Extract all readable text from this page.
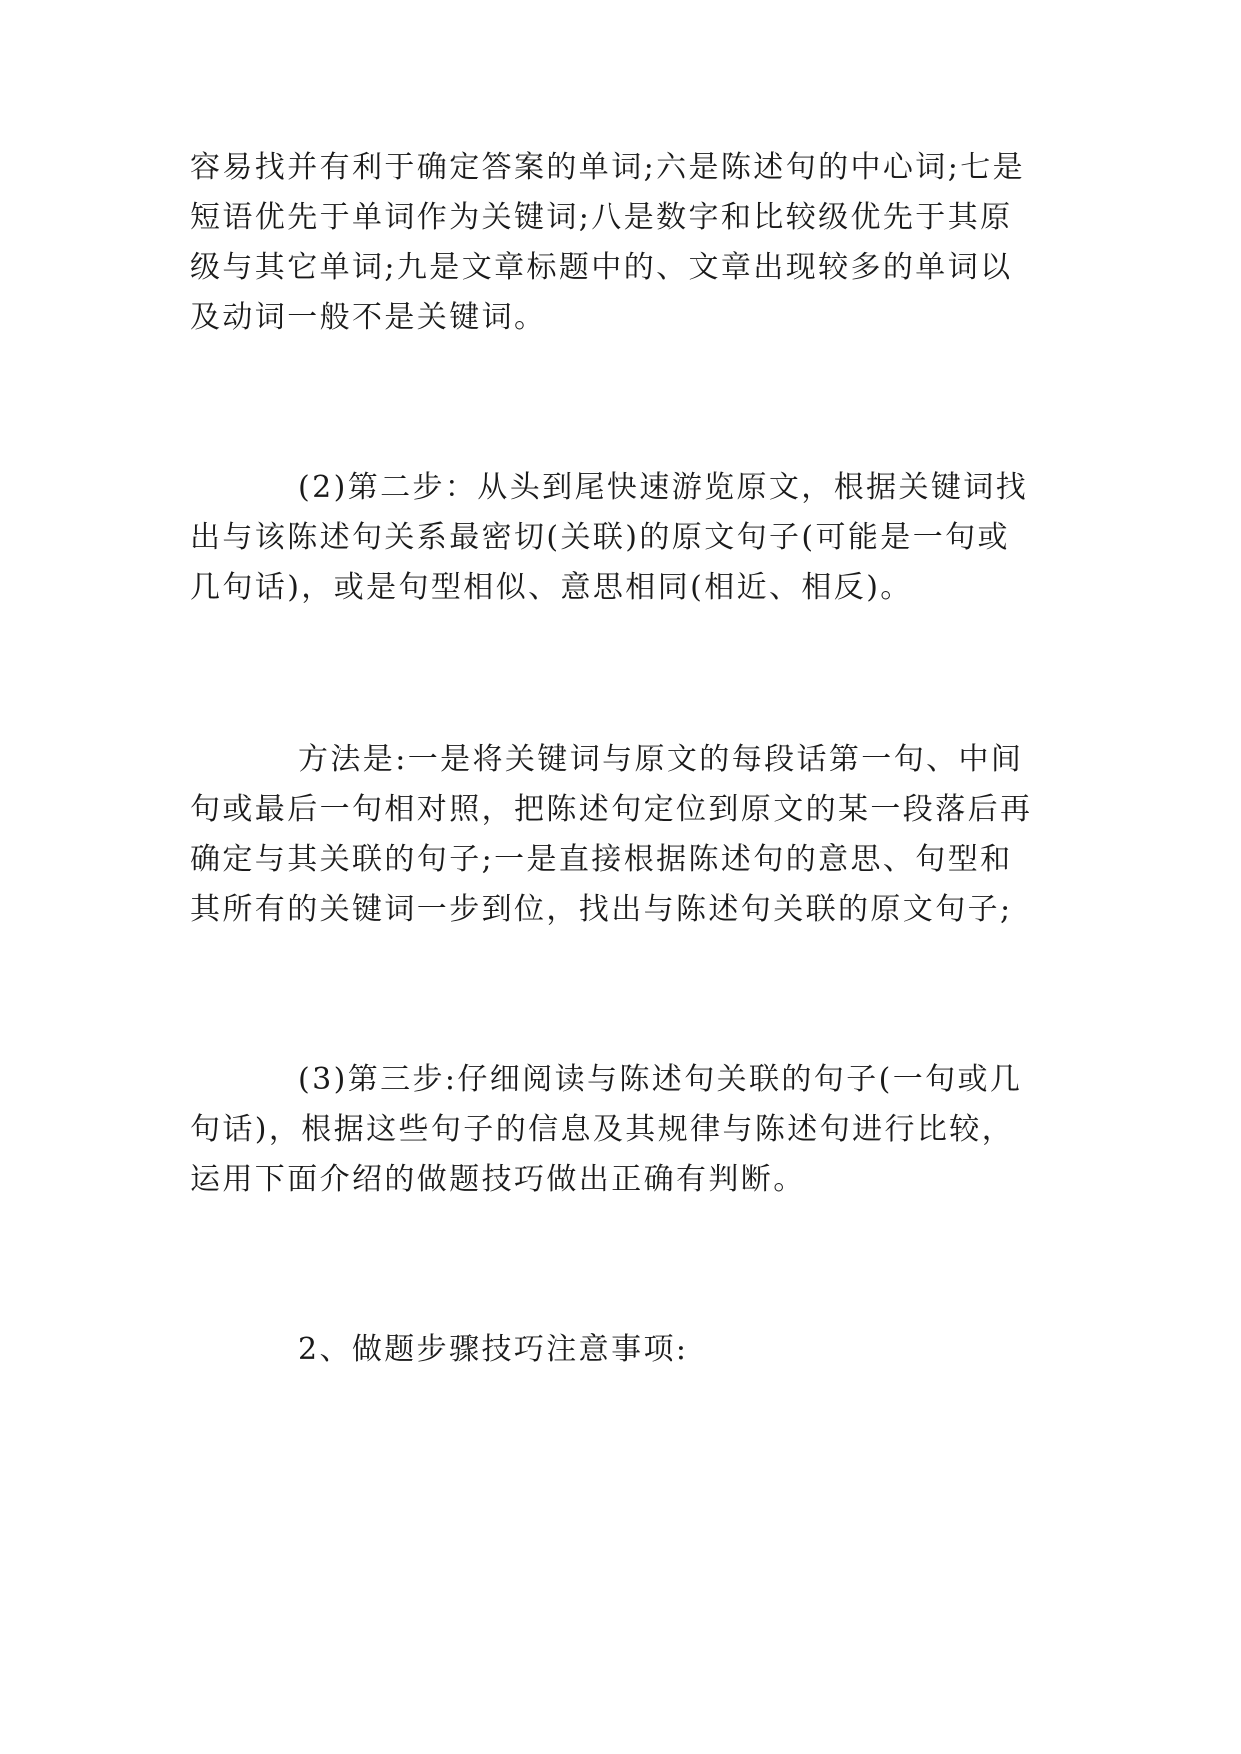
容易找并有利于确定答案的单词;六是陈述句的中心词;七是
短语优先于单词作为关键词;八是数字和比较级优先于其原
级与其它单词;九是文章标题中的、文章出现较多的单词以
及动词一般不是关键词。
(2)第二步：从头到尾快速游览原文，根据关键词找
出与该陈述句关系最密切(关联)的原文句子(可能是一句或
几句话)，或是句型相似、意思相同(相近、相反)。
方法是:一是将关键词与原文的每段话第一句、中间
句或最后一句相对照，把陈述句定位到原文的某一段落后再
确定与其关联的句子;一是直接根据陈述句的意思、句型和
其所有的关键词一步到位，找出与陈述句关联的原文句子;
(3)第三步:仔细阅读与陈述句关联的句子(一句或几
句话)，根据这些句子的信息及其规律与陈述句进行比较，
运用下面介绍的做题技巧做出正确有判断。
2、做题步骤技巧注意事项:
